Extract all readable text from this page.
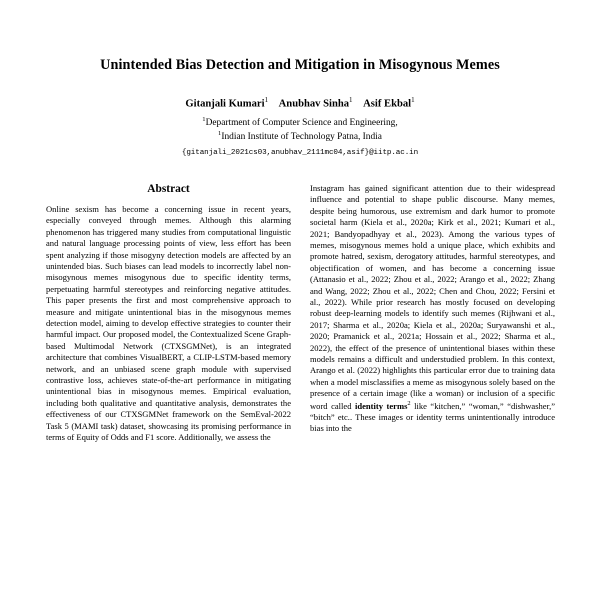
Unintended Bias Detection and Mitigation in Misogynous Memes
Gitanjali Kumari$^1$ Anubhav Sinha$^1$ Asif Ekbal$^1$
$^1$Department of Computer Science and Engineering,
$^1$Indian Institute of Technology Patna, India
{gitanjali_2021cs03,anubhav_2111mc04,asif}@iitp.ac.in
Abstract

Online sexism has become a concerning issue in recent years, especially conveyed through memes. Although this alarming phenomenon has triggered many studies from computational linguistic and natural language processing points of view, less effort has been spent analyzing if those misogyny detection models are affected by an unintended bias. Such biases can lead models to incorrectly label non-misogynous memes misogynous due to specific identity terms, perpetuating harmful stereotypes and reinforcing negative attitudes. This paper presents the first and most comprehensive approach to measure and mitigate unintentional bias in the misogynous memes detection model, aiming to develop effective strategies to counter their harmful impact. Our proposed model, the Contextualized Scene Graph-based Multimodal Network (CTXSGMNet), is an integrated architecture that combines VisualBERT, a CLIP-LSTM-based memory network, and an unbiased scene graph module with supervised contrastive loss, achieves state-of-the-art performance in mitigating unintentional bias in misogynous memes. Empirical evaluation, including both qualitative and quantitative analysis, demonstrates the effectiveness of our CTXSGMNet framework on the SemEval-2022 Task 5 (MAMI task) dataset, showcasing its promising performance in terms of Equity of Odds and F1 score. Additionally, we assess the

Instagram has gained significant attention due to their widespread influence and potential to shape public discourse. Many memes, despite being humorous, use extremism and dark humor to promote societal harm (Kiela et al., 2020a; Kirk et al., 2021; Kumari et al., 2021; Bandyopadhyay et al., 2023). Among the various types of memes, misogynous memes hold a unique place, which exhibits and promote hatred, sexism, derogatory attitudes, harmful stereotypes, and objectification of women, and has become a concerning issue (Attanasio et al., 2022; Zhou et al., 2022; Arango et al., 2022; Zhang and Wang, 2022; Zhou et al., 2022; Chen and Chou, 2022; Fersini et al., 2022). While prior research has mostly focused on developing robust deep-learning models to identify such memes (Rijhwani et al., 2017; Sharma et al., 2020a; Kiela et al., 2020a; Suryawanshi et al., 2020; Pramanick et al., 2021a; Hossain et al., 2022; Sharma et al., 2022), the effect of the presence of unintentional biases within these models remains a difficult and understudied problem. In this context, Arango et al. (2022) highlights this particular error due to training data when a model misclassifies a meme as misogynous solely based on the presence of a certain image (like a woman) or inclusion of a specific word called identity terms$^2$ like “kitchen,” “woman,” “dishwasher,” “bitch” etc.. These images or identity terms unintentionally introduce bias into the
